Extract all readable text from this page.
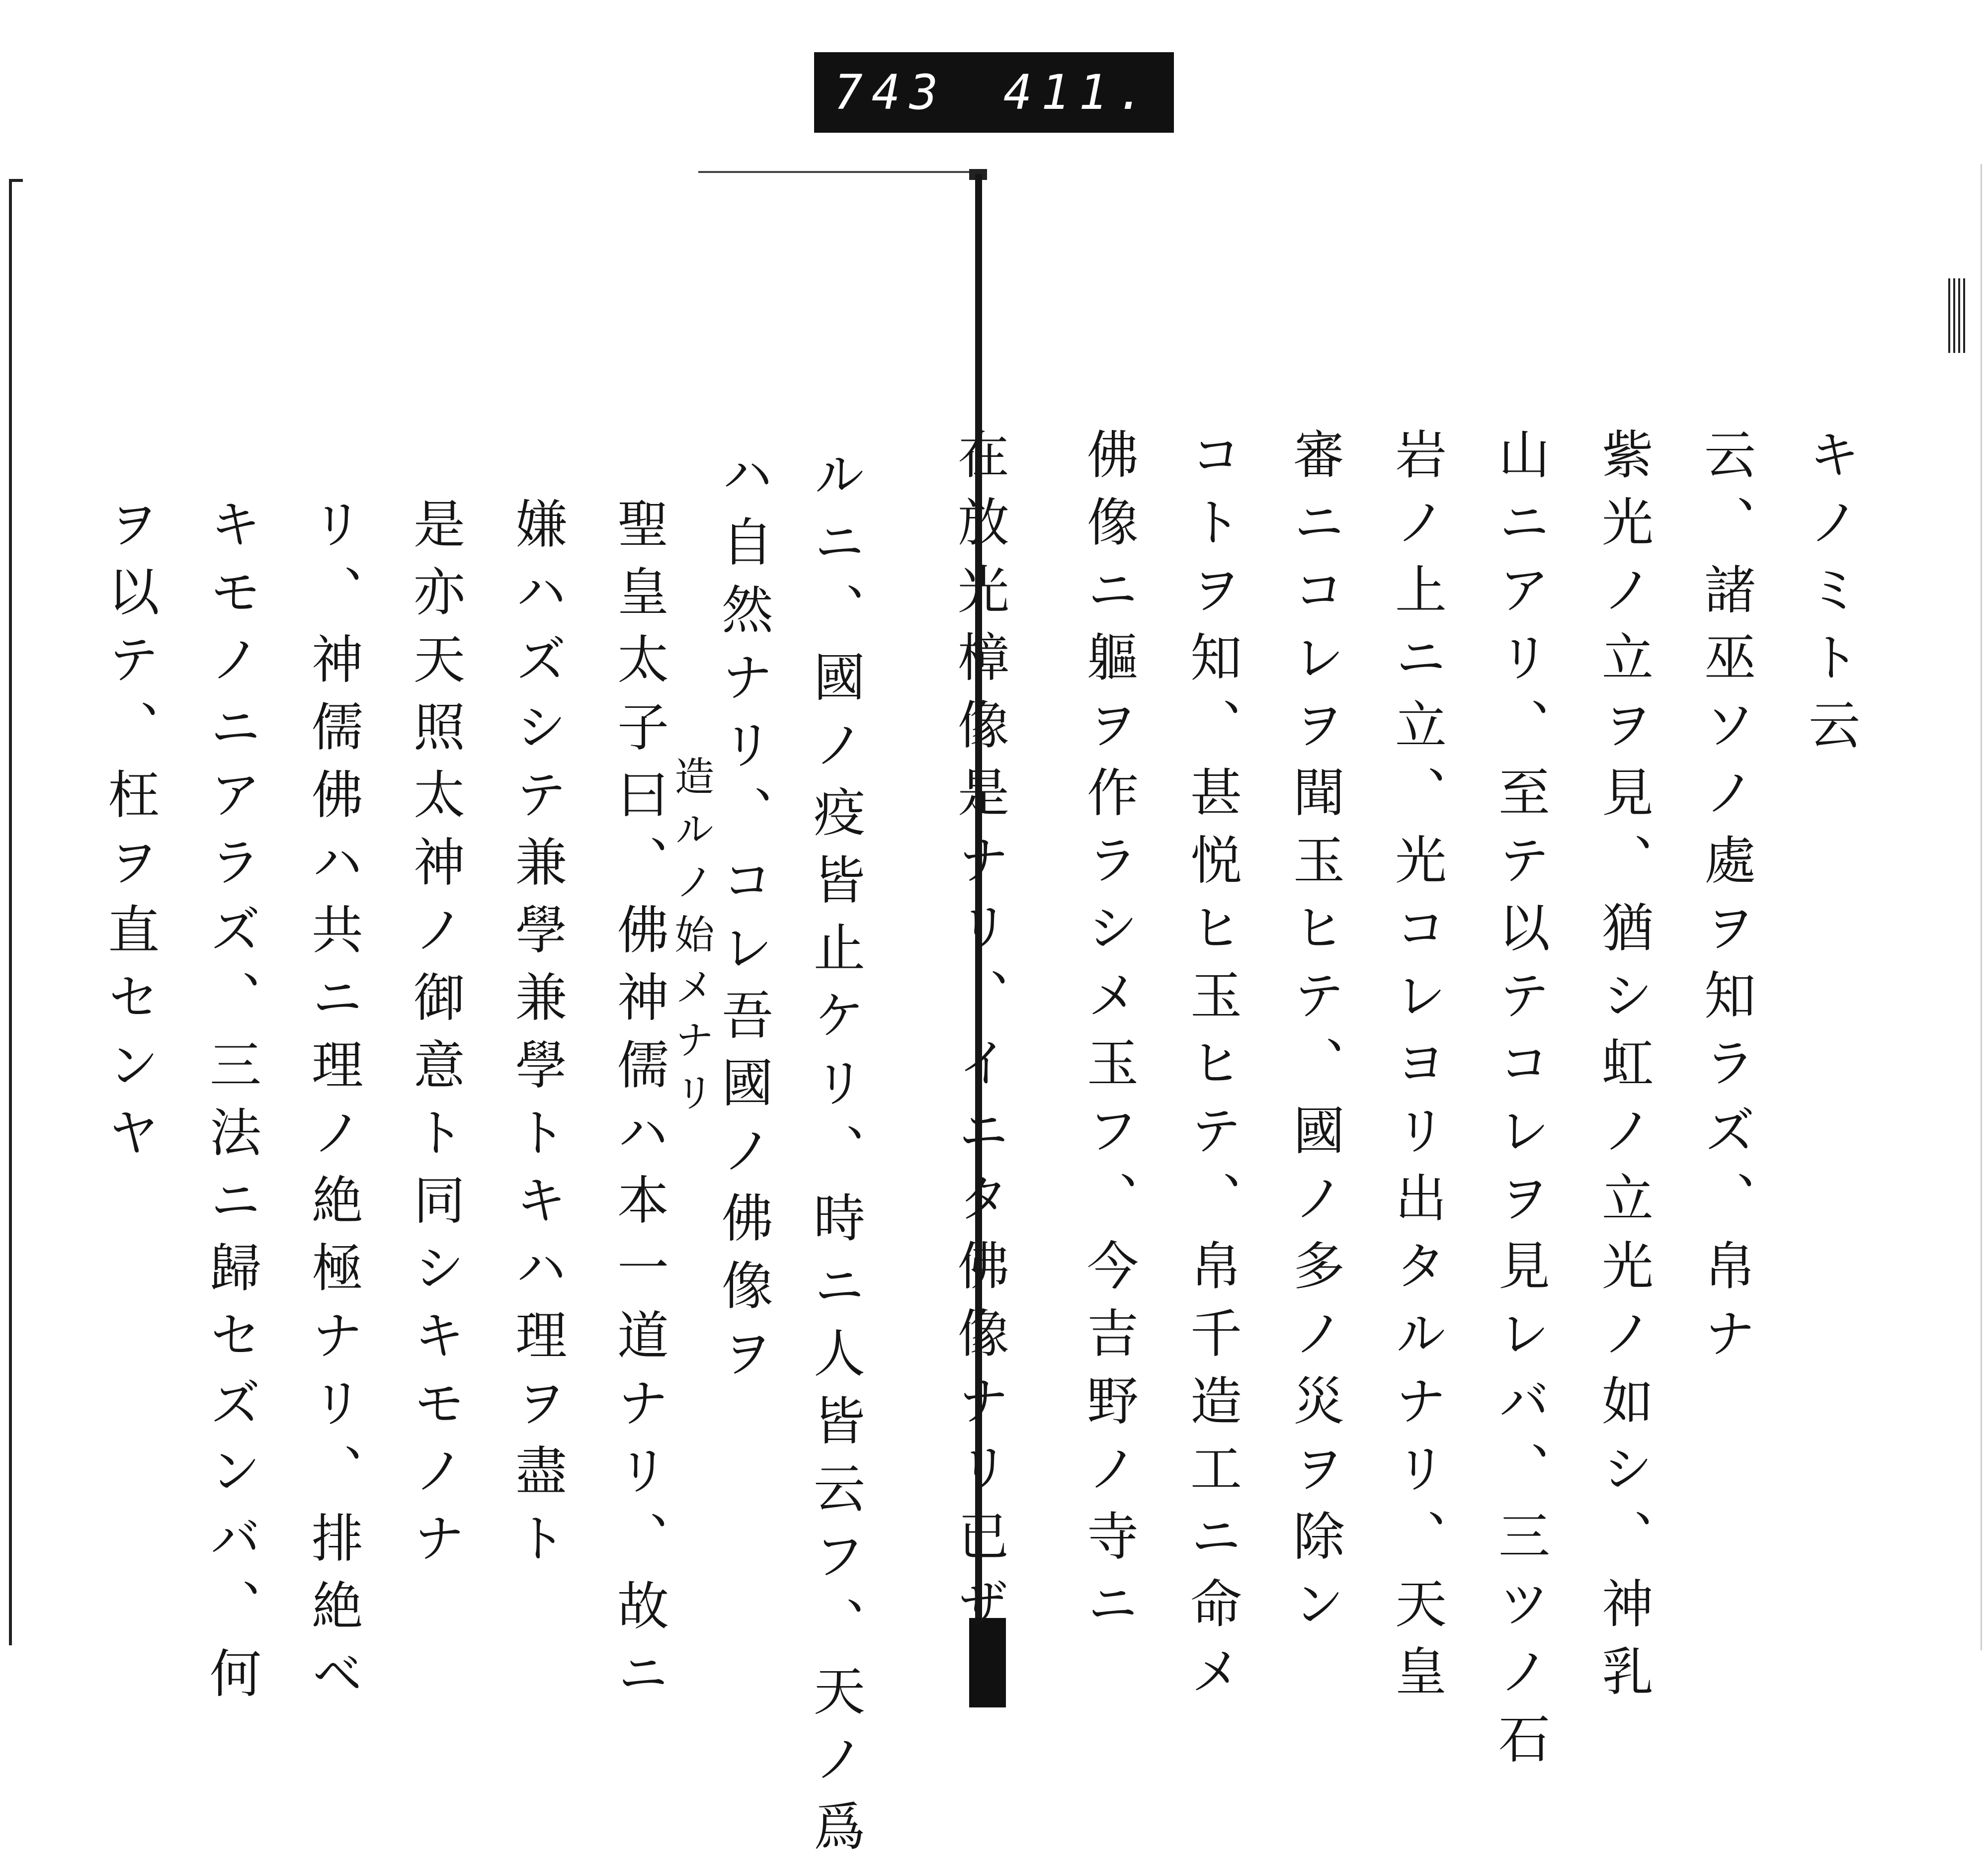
743 411.
キノミト云
云、諸巫ソノ處ヲ知ラズ、帛ナ
紫光ノ立ヲ見、猶シ虹ノ立光ノ如シ、神乳
山ニアリ、至テ以テコレヲ見レバ、三ツノ石
岩ノ上ニ立、光コレヨリ出タルナリ、天皇
審ニコレヲ聞玉ヒテ、國ノ多ノ災ヲ除ン
コトヲ知、甚悦ヒ玉ヒテ、帛千造工ニ命メ
佛像ニ軀ヲ作ラシメ玉フ、今吉野ノ寺ニ
在放光樟像是ナリ、イニタ佛像ナリ已ザ
ルニ、國ノ疫皆止ケリ、時ニ人皆云フ、天ノ爲
ハ自然ナリ、コレ吾國ノ佛像ヲ
造ルノ始メナリ
聖皇太子曰、佛神儒ハ本一道ナリ、故ニ
嫌ハズシテ兼學兼學トキハ理ヲ盡ト
是亦天照太神ノ御意ト同シキモノナ
リ、神儒佛ハ共ニ理ノ絶極ナリ、排絶ベ
キモノニアラズ、三法ニ歸セズンバ、何
ヲ以テ、枉ヲ直センヤ
